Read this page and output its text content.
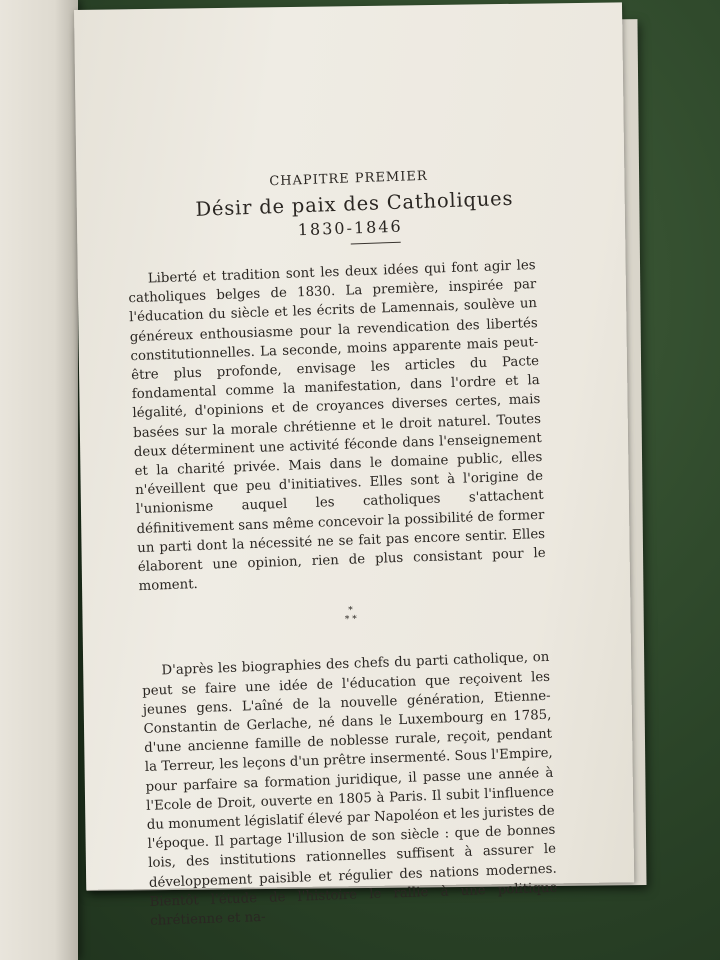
CHAPITRE PREMIER
Désir de paix des Catholiques
1830-1846

Liberté et tradition sont les deux idées qui font agir les catholiques belges de 1830. La première, inspirée par l'éducation du siècle et les écrits de Lamennais, soulève un généreux enthousiasme pour la revendication des libertés constitutionnelles. La seconde, moins apparente mais peut-être plus profonde, envisage les articles du Pacte fondamental comme la manifestation, dans l'ordre et la légalité, d'opinions et de croyances diverses certes, mais basées sur la morale chrétienne et le droit naturel. Toutes deux déterminent une activité féconde dans l'enseignement et la charité privée. Mais dans le domaine public, elles n'éveillent que peu d'initiatives. Elles sont à l'origine de l'unionisme auquel les catholiques s'attachent définitivement sans même concevoir la possibilité de former un parti dont la nécessité ne se fait pas encore sentir. Elles élaborent une opinion, rien de plus consistant pour le moment.

*
* *

D'après les biographies des chefs du parti catholique, on peut se faire une idée de l'éducation que reçoivent les jeunes gens. L'aîné de la nouvelle génération, Etienne-Constantin de Gerlache, né dans le Luxembourg en 1785, d'une ancienne famille de noblesse rurale, reçoit, pendant la Terreur, les leçons d'un prêtre insermenté. Sous l'Empire, pour parfaire sa formation juridique, il passe une année à l'Ecole de Droit, ouverte en 1805 à Paris. Il subit l'influence du monument législatif élevé par Napoléon et les juristes de l'époque. Il partage l'illusion de son siècle : que de bonnes lois, des institutions rationnelles suffisent à assurer le développement paisible et régulier des nations modernes. Bientôt l'étude de l'histoire le rallie à une politique chrétienne et na-
